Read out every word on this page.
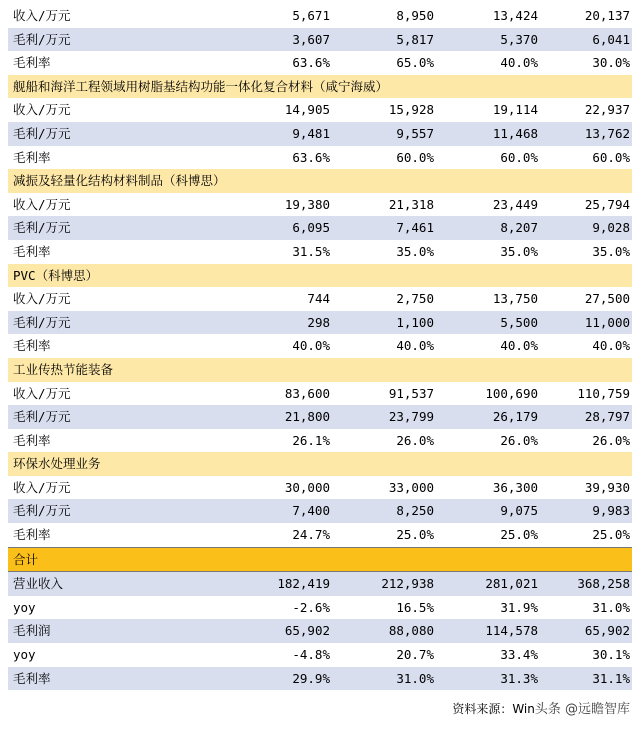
收入/万元	5,671	8,950	13,424	20,137
毛利/万元	3,607	5,817	5,370	6,041
毛利率	63.6%	65.0%	40.0%	30.0%
舰船和海洋工程领域用树脂基结构功能一体化复合材料（咸宁海威）
收入/万元	14,905	15,928	19,114	22,937
毛利/万元	9,481	9,557	11,468	13,762
毛利率	63.6%	60.0%	60.0%	60.0%
减振及轻量化结构材料制品（科博思）
收入/万元	19,380	21,318	23,449	25,794
毛利/万元	6,095	7,461	8,207	9,028
毛利率	31.5%	35.0%	35.0%	35.0%
PVC（科博思）
收入/万元	744	2,750	13,750	27,500
毛利/万元	298	1,100	5,500	11,000
毛利率	40.0%	40.0%	40.0%	40.0%
工业传热节能装备
收入/万元	83,600	91,537	100,690	110,759
毛利/万元	21,800	23,799	26,179	28,797
毛利率	26.1%	26.0%	26.0%	26.0%
环保水处理业务
收入/万元	30,000	33,000	36,300	39,930
毛利/万元	7,400	8,250	9,075	9,983
毛利率	24.7%	25.0%	25.0%	25.0%
合计
营业收入	182,419	212,938	281,021	368,258
yoy	-2.6%	16.5%	31.9%	31.0%
毛利润	65,902	88,080	114,578	65,902
yoy	-4.8%	20.7%	33.4%	30.1%
毛利率	29.9%	31.0%	31.3%	31.1%
资料来源：Win头条 @远瞻智库
